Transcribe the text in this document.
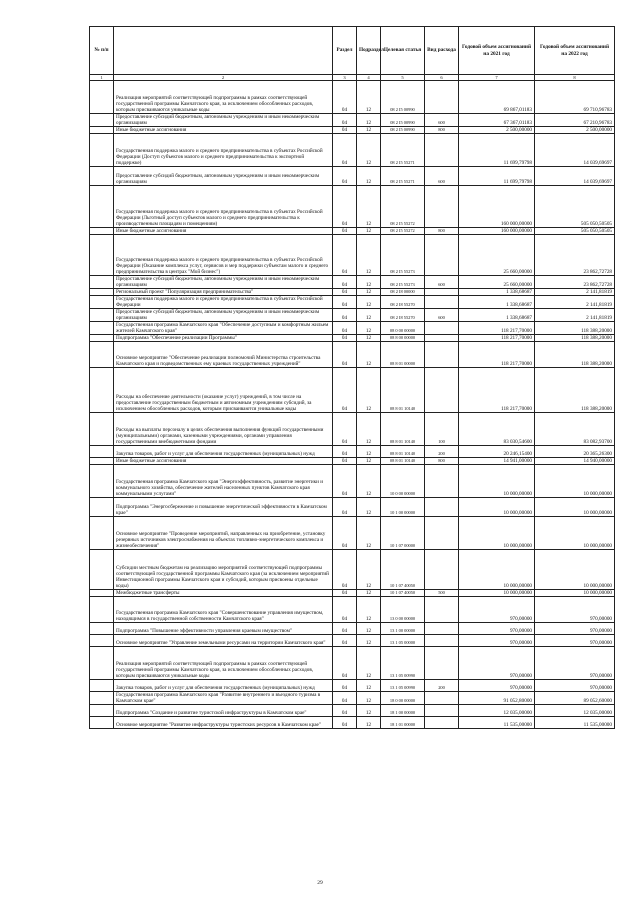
№ п/п		Раздел	Подраздел	Целевая статья	Вид расхода	Годовой объем ассигнований на 2021 год	Годовой объем ассигнований на 2022 год
1	2	3	4	5	6	7	8
	Реализация мероприятий соответствующей подпрограммы в рамках соответствующей государственной программы Камчатского края, за исключением обособленных расходов, которым присваиваются уникальные коды	04	12	08 2 I5 00990		69 867,01183	69 710,96783
	Предоставление субсидий бюджетным, автономным учреждениям и иным некоммерческим организациям	04	12	08 2 I5 00990	600	67 367,01183	67 210,96783
	Иные бюджетные ассигнования	04	12	08 2 I5 00990	800	2 500,00000	2 500,00000
	Государственная поддержка малого и среднего предпринимательства в субъектах Российской Федерации (Доступ субъектов малого и среднего предпринимательства к экспортной поддержке)	04	12	08 2 I5 55271		11 699,79798	14 039,69697
	Предоставление субсидий бюджетным, автономным учреждениям и иным некоммерческим организациям	04	12	08 2 I5 55271	600	11 699,79798	14 039,69697
	Государственная поддержка малого и среднего предпринимательства в субъектах Российской Федерации (Льготный доступ субъектов малого и среднего предпринимательства к производственным площадям и помещениям)	04	12	08 2 I5 55272		160 000,00000	505 050,50505
	Иные бюджетные ассигнования	04	12	08 2 I5 55272	800	160 000,00000	505 050,50505
	Государственная поддержка малого и среднего предпринимательства в субъектах Российской Федерации (Оказание комплекса услуг, сервисов и мер поддержки субъектам малого и среднего предпринимательства в центрах "Мой бизнес")	04	12	08 2 I5 55273		25 660,00000	23 862,72728
	Предоставление субсидий бюджетным, автономным учреждениям и иным некоммерческим организациям	04	12	08 2 I5 55273	600	25 660,00000	23 862,72728
	Региональный проект "Популяризация предпринимательства"	04	12	08 2 I8 00000		1 338,68687	2 141,81819
	Государственная поддержка малого и среднего предпринимательства в субъектах Российской Федерации	04	12	08 2 I8 55270		1 338,68687	2 141,81819
	Предоставление субсидий бюджетным, автономным учреждениям и иным некоммерческим организациям	04	12	08 2 I8 55270	600	1 338,68687	2 141,81819
	Государственная программа Камчатского края "Обеспечение доступным и комфортным жильем жителей Камчатского края"	04	12	08 0 00 00000		118 217,70000	118 388,20000
	Подпрограмма "Обеспечение реализации Программы"	04	12	08 8 00 00000		118 217,70000	118 388,20000
	Основное мероприятие "Обеспечение реализации полномочий Министерства строительства Камчатского края и подведомственных ему краевых государственных учреждений"	04	12	08 8 01 00000		118 217,70000	118 388,20000
	Расходы на обеспечение деятельности (оказание услуг) учреждений, в том числе на предоставление государственным бюджетным и автономным учреждениям субсидий, за исключением обособленных расходов, которым присваиваются уникальные коды	04	12	08 8 01 10140		118 217,70000	118 388,20000
	Расходы на выплаты персоналу в целях обеспечения выполнения функций государственными (муниципальными) органами, казенными учреждениями, органами управления государственными внебюджетными фондами	04	12	08 8 01 10140	100	83 030,54600	83 082,93700
	Закупка товаров, работ и услуг для обеспечения государственных (муниципальных) нужд	04	12	08 8 01 10140	200	20 246,15400	20 365,26300
	Иные бюджетные ассигнования	04	12	08 8 01 10140	800	14 941,00000	14 940,00000
	Государственная программа Камчатского края "Энергоэффективность, развитие энергетики и коммунального хозяйства, обеспечение жителей населенных пунктов Камчатского края коммунальными услугами"	04	12	10 0 00 00000		10 000,00000	10 000,00000
	Подпрограмма "Энергосбережение и повышение энергетической эффективности в Камчатском крае"	04	12	10 1 00 00000		10 000,00000	10 000,00000
	Основное мероприятие "Проведение мероприятий, направленных на приобретение, установку резервных источников электроснабжения на объектах топливно-энергетического комплекса и жизнеобеспечения"	04	12	10 1 07 00000		10 000,00000	10 000,00000
	Субсидии местным бюджетам на реализацию мероприятий соответствующей подпрограммы соответствующей государственной программы Камчатского края (за исключением мероприятий Инвестиционной программы Камчатского края и субсидий, которым присвоены отдельные коды)	04	12	10 1 07 40050		10 000,00000	10 000,00000
	Межбюджетные трансферты	04	12	10 1 07 40050	500	10 000,00000	10 000,00000
	Государственная программа Камчатского края "Совершенствование управления имуществом, находящимся в государственной собственности Камчатского края"	04	12	13 0 00 00000		970,00000	970,00000
	Подпрограмма "Повышение эффективности управления краевым имуществом"	04	12	13 1 00 00000		970,00000	970,00000
	Основное мероприятие "Управление земельными ресурсами на территории Камчатского края"	04	12	13 1 05 00000		970,00000	970,00000
	Реализация мероприятий соответствующей подпрограммы в рамках соответствующей государственной программы Камчатского края, за исключением обособленных расходов, которым присваиваются уникальные коды	04	12	13 1 05 00990		970,00000	970,00000
	Закупка товаров, работ и услуг для обеспечения государственных (муниципальных) нужд	04	12	13 1 05 00990	200	970,00000	970,00000
	Государственная программа Камчатского края "Развитие внутреннего и въездного туризма в Камчатском крае"	04	12	18 0 00 00000		91 052,80000	89 052,60000
	Подпрограмма "Создание и развитие туристской инфраструктуры в Камчатском крае"	04	12	18 1 00 00000		12 035,00000	12 035,00000
	Основное мероприятие "Развитие инфраструктуры туристских ресурсов в Камчатском крае"	04	12	18 1 01 00000		11 535,00000	11 535,00000
29
